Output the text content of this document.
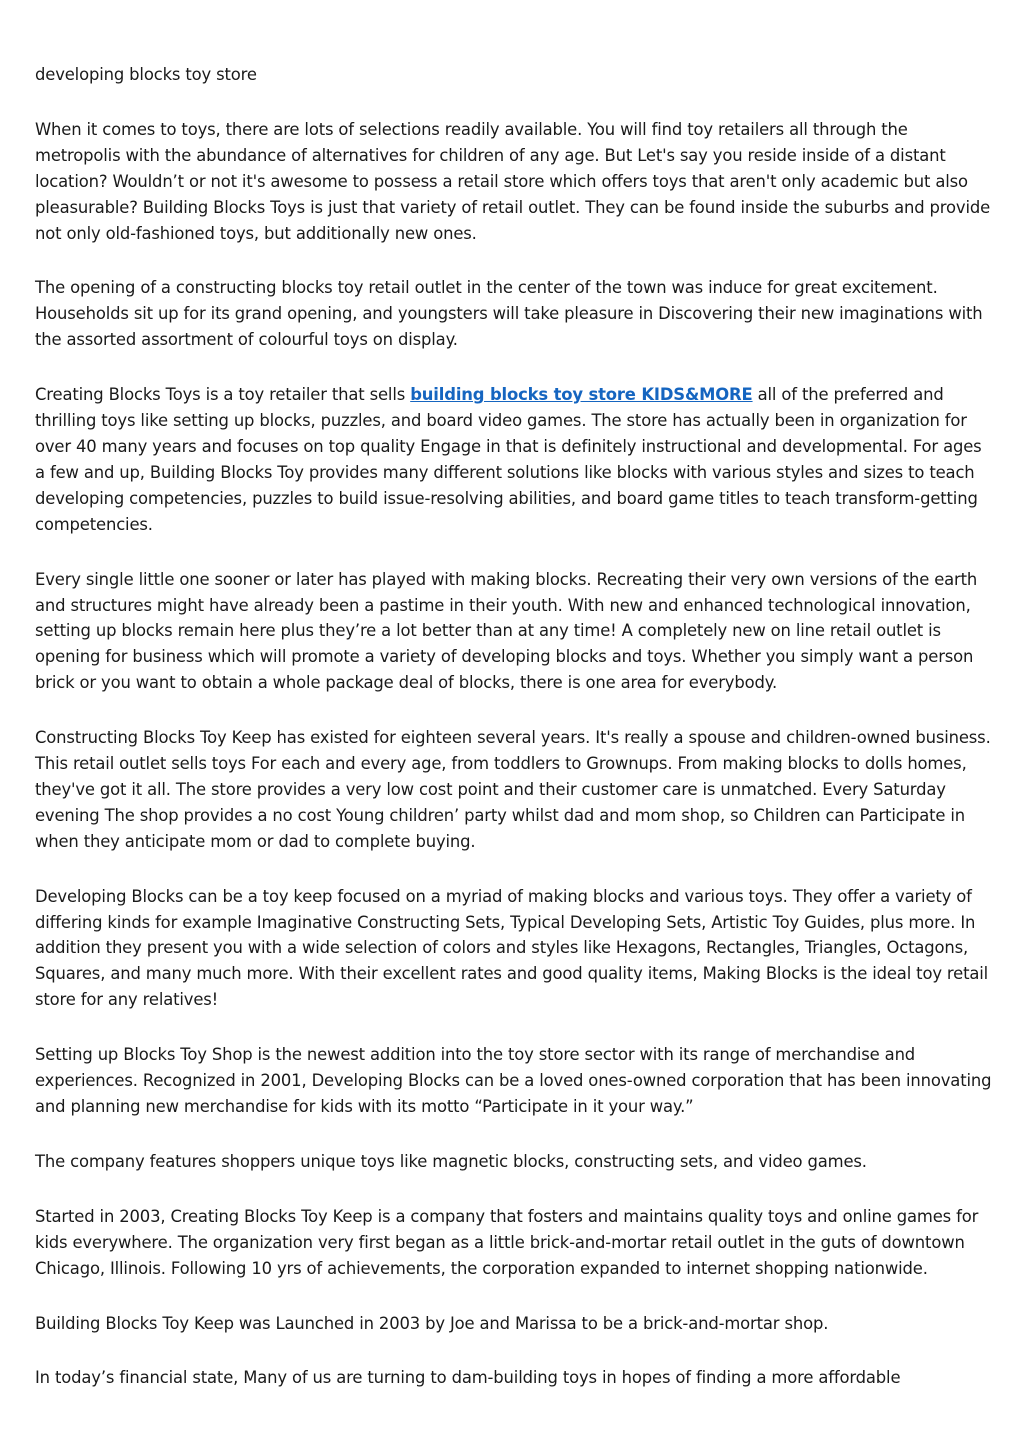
developing blocks toy store

When it comes to toys, there are lots of selections readily available. You will find toy retailers all through the metropolis with the abundance of alternatives for children of any age. But Let's say you reside inside of a distant location? Wouldn’t or not it's awesome to possess a retail store which offers toys that aren't only academic but also pleasurable? Building Blocks Toys is just that variety of retail outlet. They can be found inside the suburbs and provide not only old-fashioned toys, but additionally new ones.

The opening of a constructing blocks toy retail outlet in the center of the town was induce for great excitement. Households sit up for its grand opening, and youngsters will take pleasure in Discovering their new imaginations with the assorted assortment of colourful toys on display.

Creating Blocks Toys is a toy retailer that sells building blocks toy store KIDS&MORE all of the preferred and thrilling toys like setting up blocks, puzzles, and board video games. The store has actually been in organization for over 40 many years and focuses on top quality Engage in that is definitely instructional and developmental. For ages a few and up, Building Blocks Toy provides many different solutions like blocks with various styles and sizes to teach developing competencies, puzzles to build issue-resolving abilities, and board game titles to teach transform-getting competencies.

Every single little one sooner or later has played with making blocks. Recreating their very own versions of the earth and structures might have already been a pastime in their youth. With new and enhanced technological innovation, setting up blocks remain here plus they’re a lot better than at any time! A completely new on line retail outlet is opening for business which will promote a variety of developing blocks and toys. Whether you simply want a person brick or you want to obtain a whole package deal of blocks, there is one area for everybody.

Constructing Blocks Toy Keep has existed for eighteen several years. It's really a spouse and children-owned business. This retail outlet sells toys For each and every age, from toddlers to Grownups. From making blocks to dolls homes, they've got it all. The store provides a very low cost point and their customer care is unmatched. Every Saturday evening The shop provides a no cost Young children’ party whilst dad and mom shop, so Children can Participate in when they anticipate mom or dad to complete buying.

Developing Blocks can be a toy keep focused on a myriad of making blocks and various toys. They offer a variety of differing kinds for example Imaginative Constructing Sets, Typical Developing Sets, Artistic Toy Guides, plus more. In addition they present you with a wide selection of colors and styles like Hexagons, Rectangles, Triangles, Octagons, Squares, and many much more. With their excellent rates and good quality items, Making Blocks is the ideal toy retail store for any relatives!

Setting up Blocks Toy Shop is the newest addition into the toy store sector with its range of merchandise and experiences. Recognized in 2001, Developing Blocks can be a loved ones-owned corporation that has been innovating and planning new merchandise for kids with its motto “Participate in it your way.”

The company features shoppers unique toys like magnetic blocks, constructing sets, and video games.

Started in 2003, Creating Blocks Toy Keep is a company that fosters and maintains quality toys and online games for kids everywhere. The organization very first began as a little brick-and-mortar retail outlet in the guts of downtown Chicago, Illinois. Following 10 yrs of achievements, the corporation expanded to internet shopping nationwide.

Building Blocks Toy Keep was Launched in 2003 by Joe and Marissa to be a brick-and-mortar shop.

In today’s financial state, Many of us are turning to dam-building toys in hopes of finding a more affordable
